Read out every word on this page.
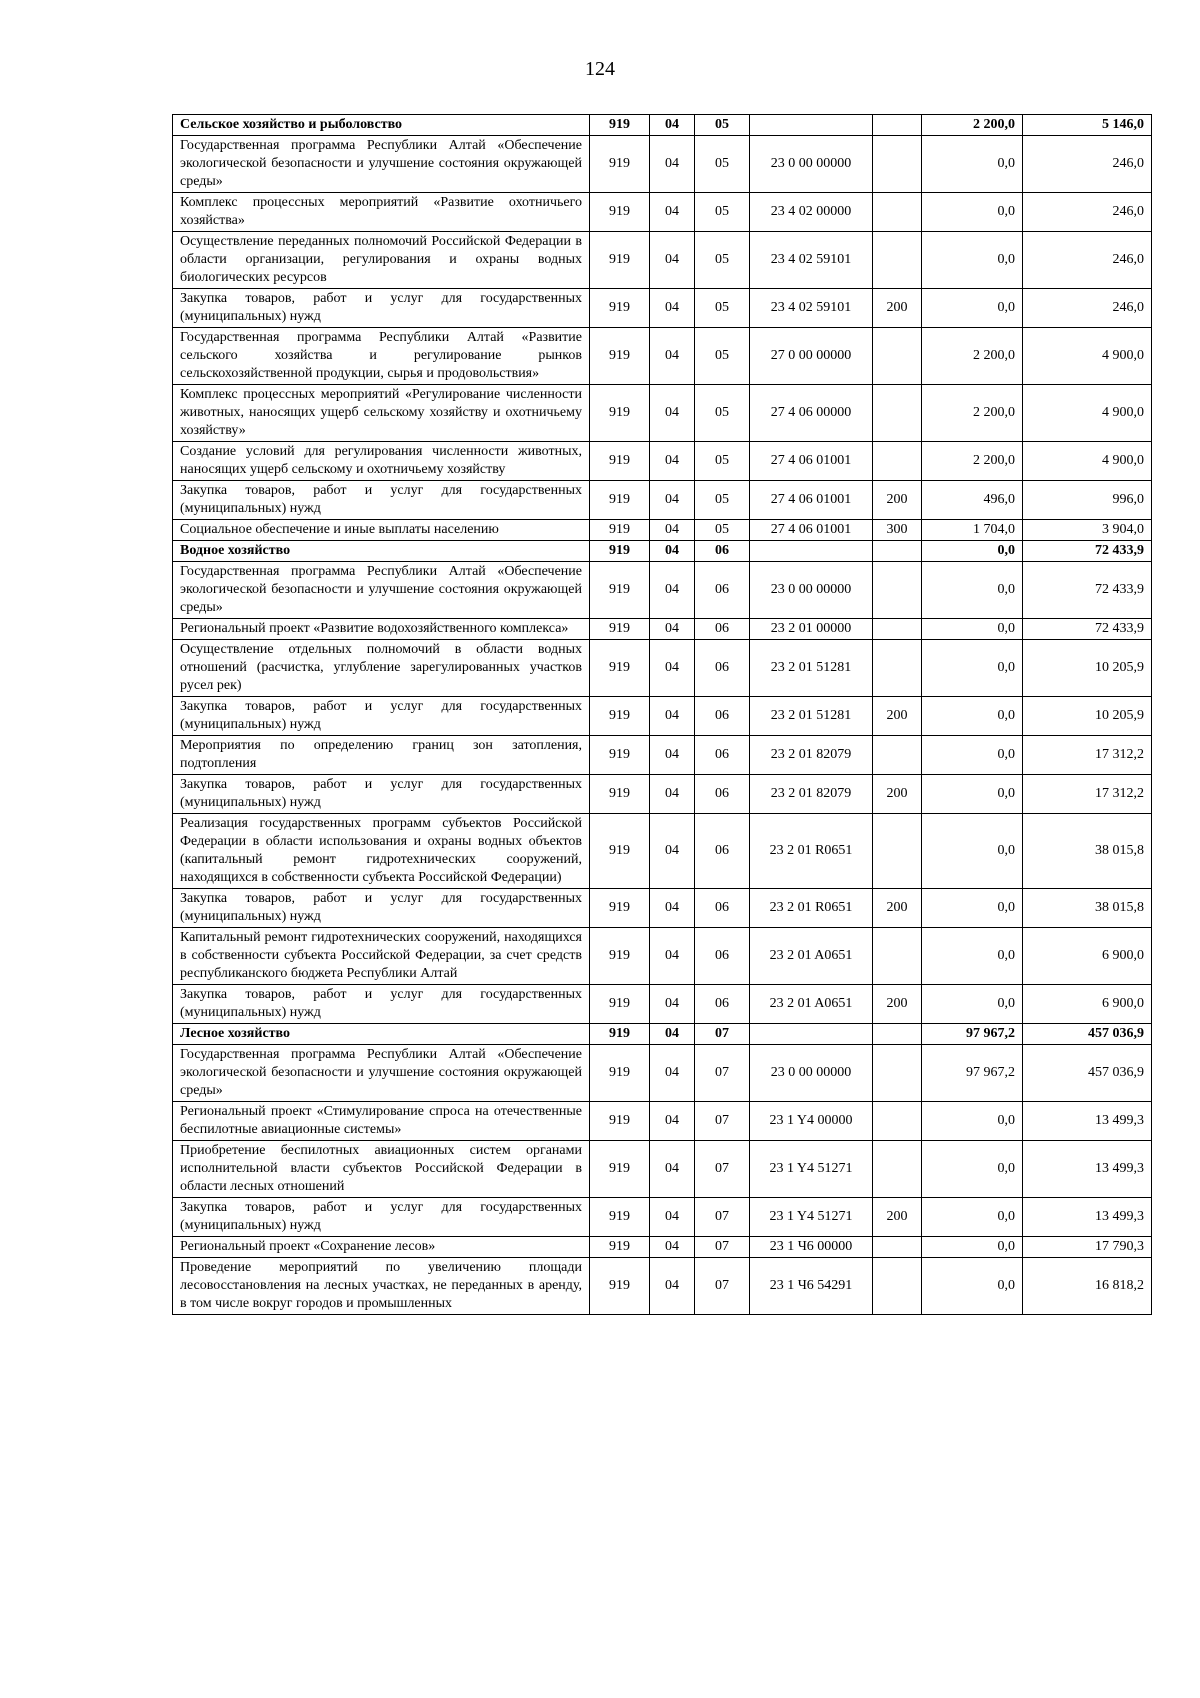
124
Сельское хозяйство и рыболовство	919	04	05			2 200,0	5 146,0
Государственная программа Республики Алтай «Обеспечение экологической безопасности и улучшение состояния окружающей среды»	919	04	05	23 0 00 00000		0,0	246,0
Комплекс процессных мероприятий «Развитие охотничьего хозяйства»	919	04	05	23 4 02 00000		0,0	246,0
Осуществление переданных полномочий Российской Федерации в области организации, регулирования и охраны водных биологических ресурсов	919	04	05	23 4 02 59101		0,0	246,0
Закупка товаров, работ и услуг для государственных (муниципальных) нужд	919	04	05	23 4 02 59101	200	0,0	246,0
Государственная программа Республики Алтай «Развитие сельского хозяйства и регулирование рынков сельскохозяйственной продукции, сырья и продовольствия»	919	04	05	27 0 00 00000		2 200,0	4 900,0
Комплекс процессных мероприятий «Регулирование численности животных, наносящих ущерб сельскому хозяйству и охотничьему хозяйству»	919	04	05	27 4 06 00000		2 200,0	4 900,0
Создание условий для регулирования численности животных, наносящих ущерб сельскому и охотничьему хозяйству	919	04	05	27 4 06 01001		2 200,0	4 900,0
Закупка товаров, работ и услуг для государственных (муниципальных) нужд	919	04	05	27 4 06 01001	200	496,0	996,0
Социальное обеспечение и иные выплаты населению	919	04	05	27 4 06 01001	300	1 704,0	3 904,0
Водное хозяйство	919	04	06			0,0	72 433,9
Государственная программа Республики Алтай «Обеспечение экологической безопасности и улучшение состояния окружающей среды»	919	04	06	23 0 00 00000		0,0	72 433,9
Региональный проект «Развитие водохозяйственного комплекса»	919	04	06	23 2 01 00000		0,0	72 433,9
Осуществление отдельных полномочий в области водных отношений (расчистка, углубление зарегулированных участков русел рек)	919	04	06	23 2 01 51281		0,0	10 205,9
Закупка товаров, работ и услуг для государственных (муниципальных) нужд	919	04	06	23 2 01 51281	200	0,0	10 205,9
Мероприятия по определению границ зон затопления, подтопления	919	04	06	23 2 01 82079		0,0	17 312,2
Закупка товаров, работ и услуг для государственных (муниципальных) нужд	919	04	06	23 2 01 82079	200	0,0	17 312,2
Реализация государственных программ субъектов Российской Федерации в области использования и охраны водных объектов (капитальный ремонт гидротехнических сооружений, находящихся в собственности субъекта Российской Федерации)	919	04	06	23 2 01 R0651		0,0	38 015,8
Закупка товаров, работ и услуг для государственных (муниципальных) нужд	919	04	06	23 2 01 R0651	200	0,0	38 015,8
Капитальный ремонт гидротехнических сооружений, находящихся в собственности субъекта Российской Федерации, за счет средств республиканского бюджета Республики Алтай	919	04	06	23 2 01 A0651		0,0	6 900,0
Закупка товаров, работ и услуг для государственных (муниципальных) нужд	919	04	06	23 2 01 A0651	200	0,0	6 900,0
Лесное хозяйство	919	04	07			97 967,2	457 036,9
Государственная программа Республики Алтай «Обеспечение экологической безопасности и улучшение состояния окружающей среды»	919	04	07	23 0 00 00000		97 967,2	457 036,9
Региональный проект «Стимулирование спроса на отечественные беспилотные авиационные системы»	919	04	07	23 1 Y4 00000		0,0	13 499,3
Приобретение беспилотных авиационных систем органами исполнительной власти субъектов Российской Федерации в области лесных отношений	919	04	07	23 1 Y4 51271		0,0	13 499,3
Закупка товаров, работ и услуг для государственных (муниципальных) нужд	919	04	07	23 1 Y4 51271	200	0,0	13 499,3
Региональный проект «Сохранение лесов»	919	04	07	23 1 Ч6 00000		0,0	17 790,3
Проведение мероприятий по увеличению площади лесовосстановления на лесных участках, не переданных в аренду, в том числе вокруг городов и промышленных	919	04	07	23 1 Ч6 54291		0,0	16 818,2
